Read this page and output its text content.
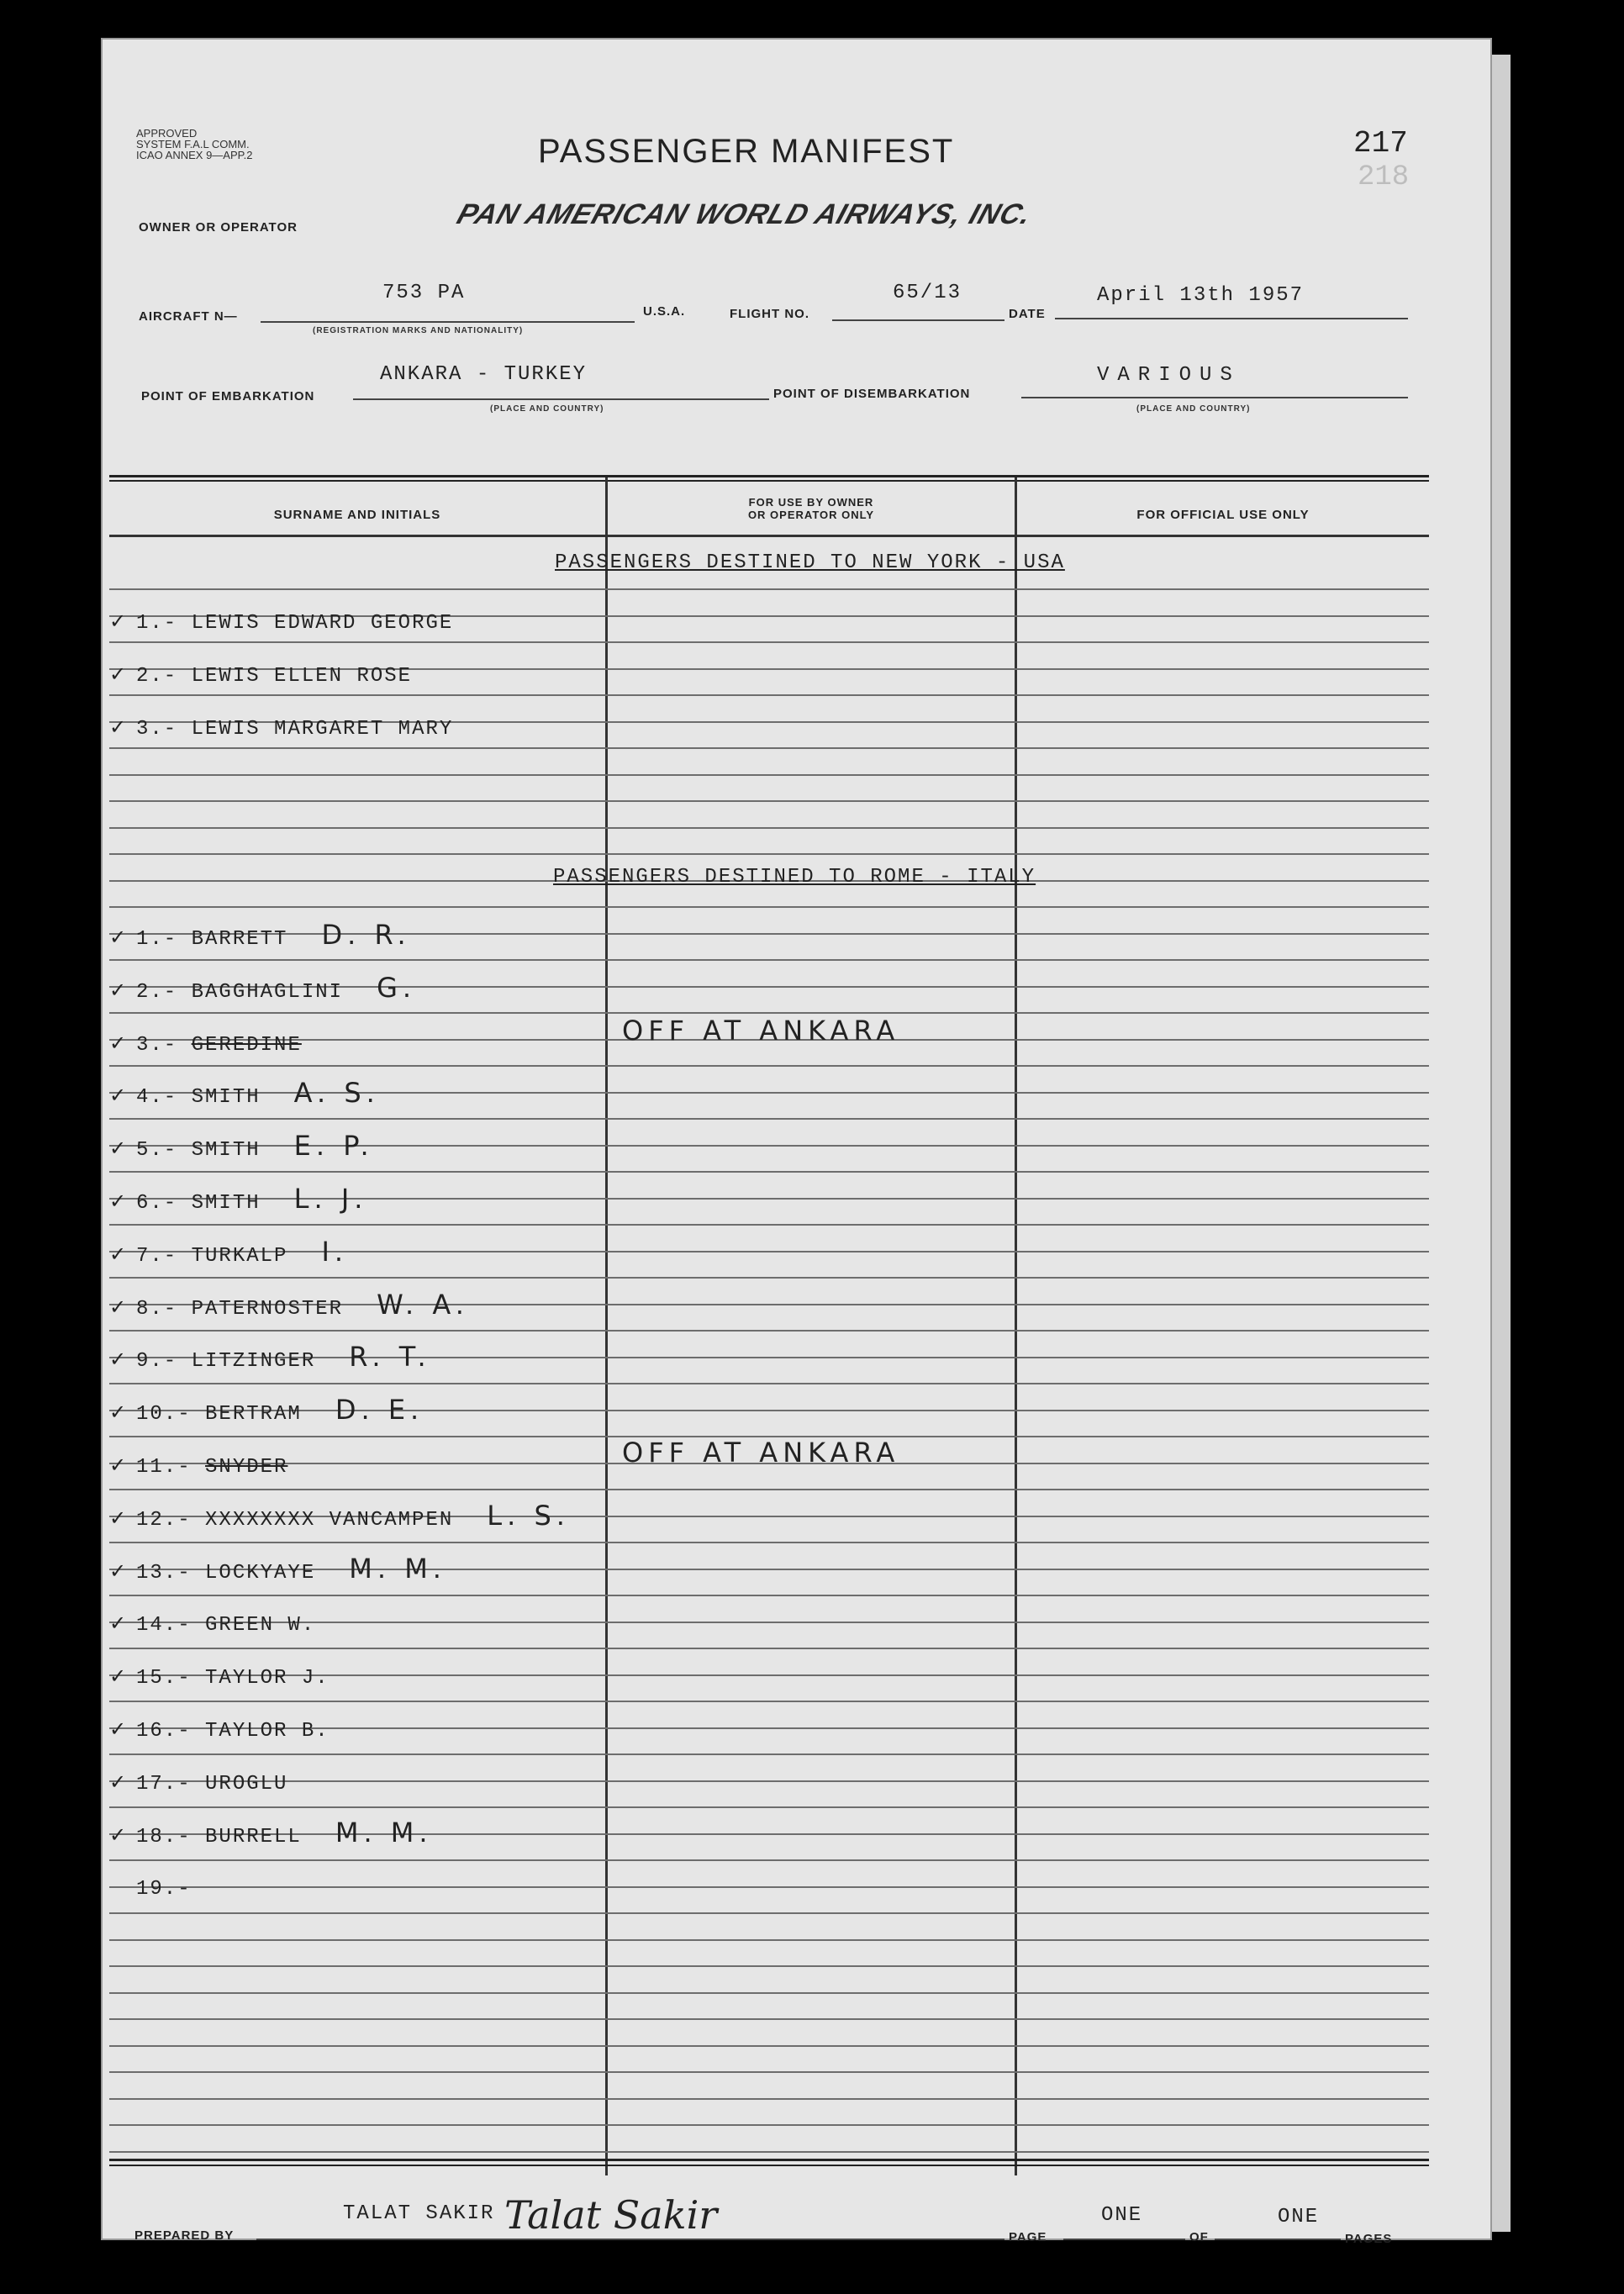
APPROVED
SYSTEM F.A.L COMM.
ICAO ANNEX 9—APP.2	PASSENGER MANIFEST	217
218
OWNER OR OPERATOR	PAN AMERICAN WORLD AIRWAYS, INC.
AIRCRAFT N—
753 PA
(REGISTRATION MARKS AND NATIONALITY)
U.S.A.	FLIGHT NO.
65/13
DATE
April 13th 1957
POINT OF EMBARKATION
ANKARA - TURKEY
(PLACE AND COUNTRY)
POINT OF DISEMBARKATION
VARIOUS
(PLACE AND COUNTRY)
SURNAME AND INITIALS
FOR USE BY OWNER
OR OPERATOR ONLY	FOR OFFICIAL USE ONLY
PASSENGERS DESTINED TO NEW YORK - USA
✓ 1.- LEWIS EDWARD GEORGE
✓ 2.- LEWIS ELLEN ROSE
✓ 3.- LEWIS MARGARET MARY
PASSENGERS DESTINED TO ROME - ITALY
✓ 1.- BARRETT D. R.
✓ 2.- BAGGHAGLINI G.
✓ 3.- GEREDINE	OFF AT ANKARA
✓ 4.- SMITH A. S.
✓ 5.- SMITH E. P.
✓ 6.- SMITH L. J.
✓ 7.- TURKALP I.
✓ 8.- PATERNOSTER W. A.
✓ 9.- LITZINGER R. T.
✓ 10.- BERTRAM D. E.
✓ 11.- SNYDER	OFF AT ANKARA
✓ 12.- XXXXXXXX VANCAMPEN L. S.
✓ 13.- LOCKYAYE M. M.
✓ 14.- GREEN W.
✓ 15.- TAYLOR J.
✓ 16.- TAYLOR B.
✓ 17.- UROGLU
✓ 18.- BURRELL M. M.
19.-
PREPARED BY
TALAT SAKIR Talat Sakir	PAGE
ONE
OF
ONE
PAGES
